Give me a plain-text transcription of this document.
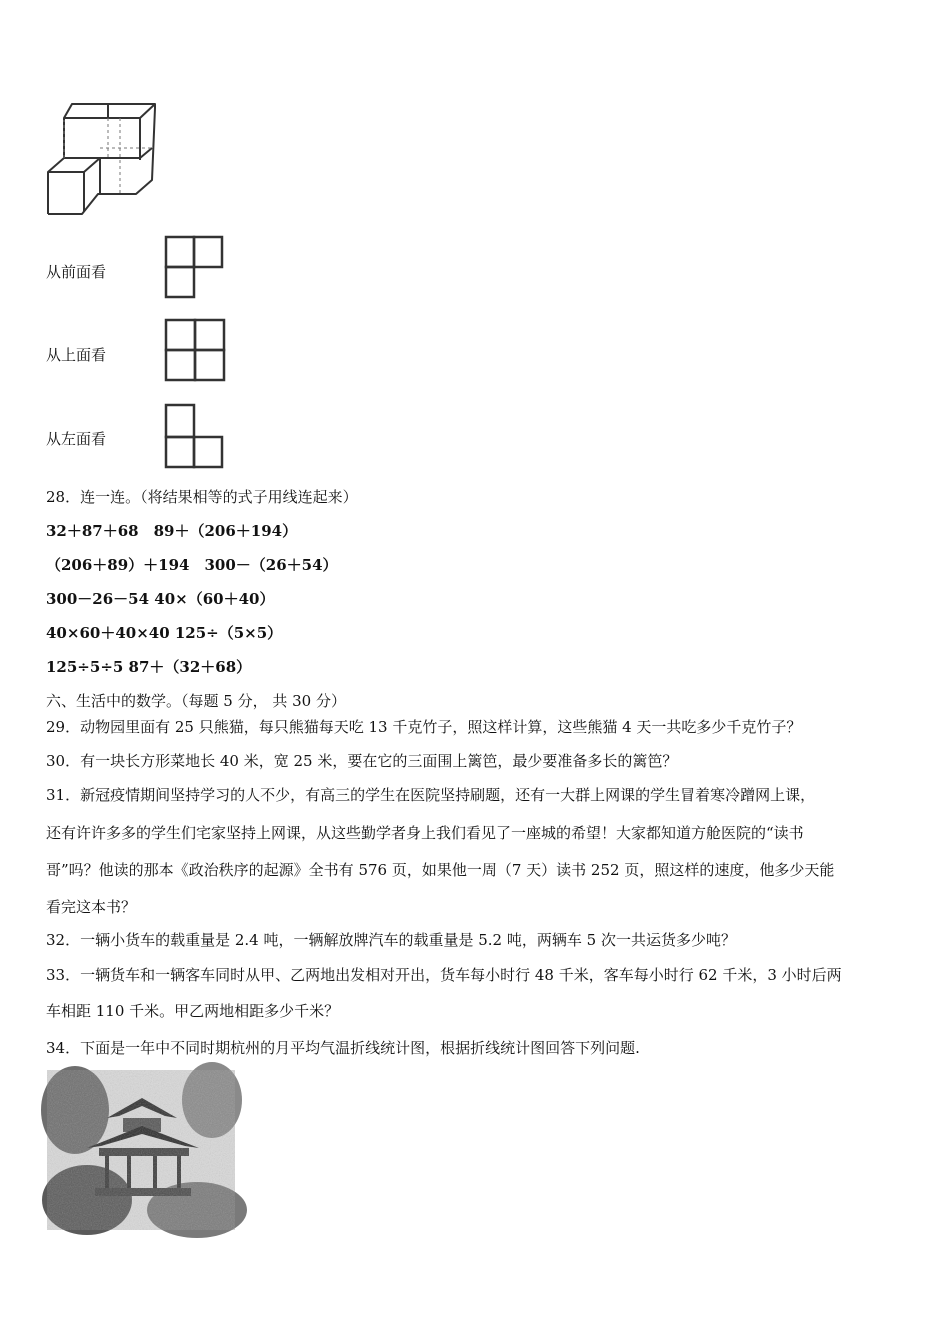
从前面看
从上面看
从左面看
28．连一连。（将结果相等的式子用线连起来）
32＋87＋68　89＋（206＋194）
（206＋89）＋194　300－（26＋54）
300－26－54 40×（60＋40）
40×60＋40×40 125÷（5×5）
125÷5÷5 87＋（32＋68）
六、生活中的数学。（每题 5 分， 共 30 分）
29．动物园里面有 25 只熊猫，每只熊猫每天吃 13 千克竹子，照这样计算，这些熊猫 4 天一共吃多少千克竹子？
30．有一块长方形菜地长 40 米，宽 25 米，要在它的三面围上篱笆，最少要准备多长的篱笆？
31．新冠疫情期间坚持学习的人不少，有高三的学生在医院坚持刷题，还有一大群上网课的学生冒着寒冷蹭网上课，
还有许许多多的学生们宅家坚持上网课，从这些勤学者身上我们看见了一座城的希望！大家都知道方舱医院的“读书
哥”吗？他读的那本《政治秩序的起源》全书有 576 页，如果他一周（7 天）读书 252 页，照这样的速度，他多少天能
看完这本书？
32．一辆小货车的载重量是 2.4 吨，一辆解放牌汽车的载重量是 5.2 吨，两辆车 5 次一共运货多少吨？
33．一辆货车和一辆客车同时从甲、乙两地出发相对开出，货车每小时行 48 千米，客车每小时行 62 千米，3 小时后两
车相距 110 千米。甲乙两地相距多少千米？
34．下面是一年中不同时期杭州的月平均气温折线统计图，根据折线统计图回答下列问题.
